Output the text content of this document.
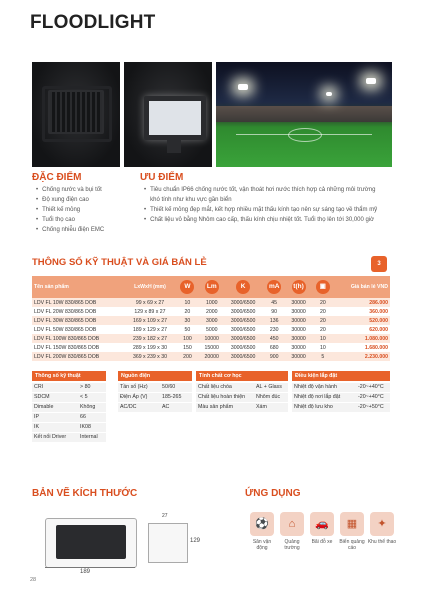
FLOODLIGHT
ĐẶC ĐIỂM
• Chống nước và bụi tốt
• Độ xung điện cao
• Thiết kế mỏng
• Tuổi thọ cao
• Chống nhiễu điện EMC
ƯU ĐIỂM
• Tiêu chuẩn IP66 chống nước tốt, vận thoát hơi nước thích hợp cả những môi trường
khó tính như khu vực gần biển
• Thiết kế mỏng đẹp mắt, kết hợp nhiều mặt thấu kính tạo nên sự sáng tạo về thẩm mỹ
• Chất liệu vỏ bằng Nhôm cao cấp, thấu kính chịu nhiệt tốt. Tuổi thọ lên tới 30,000 giờ
THÔNG SỐ KỸ THUẬT VÀ GIÁ BÁN LẺ	3
Tên sản phẩm	LxWxH (mm)	W	Lm	K	mA	t(h)	▣	Giá bán lẻ VND
LDV FL 10W 830/865 DOB	99 x 69 x 27	10	1000	3000/6500	45	30000	20	286.000
LDV FL 20W 830/865 DOB	129 x 89 x 27	20	2000	3000/6500	90	30000	20	360.000
LDV FL 30W 830/865 DOB	169 x 109 x 27	30	3000	3000/6500	136	30000	20	520.000
LDV FL 50W 830/865 DOB	189 x 129 x 27	50	5000	3000/6500	230	30000	20	620.000
LDV FL 100W 830/865 DOB	239 x 182 x 27	100	10000	3000/6500	450	30000	10	1.080.000
LDV FL 150W 830/865 DOB	289 x 199 x 30	150	15000	3000/6500	680	30000	10	1.680.000
LDV FL 200W 830/865 DOB	369 x 239 x 30	200	20000	3000/6500	900	30000	5	2.230.000
Thông số kỹ thuật
CRI	> 80
SDCM	< 5
Dimable	Không
IP	66
IK	IK08
Kết nối Driver	Internal
Nguồn điện
Tần số (Hz)	50/60
Điện Áp (V)	185-265
AC/DC	AC
Tính chất cơ học
Chất liệu chóa	AL + Glass
Chất liệu hoàn thiện	Nhôm đúc
Màu sản phẩm	Xám
Điều kiện lắp đặt
Nhiệt độ vận hành	-20~+40°C
Nhiệt độ nơi lắp đặt	-20~+40°C
Nhiệt độ lưu kho	-20~+50°C
BẢN VẼ KÍCH THƯỚC
189
129
27
ỨNG DỤNG
⚽
Sân vận động
⌂
Quảng trường
🚗
Bãi đỗ xe
▦
Biển quảng cáo
✦
Khu thể thao
28
